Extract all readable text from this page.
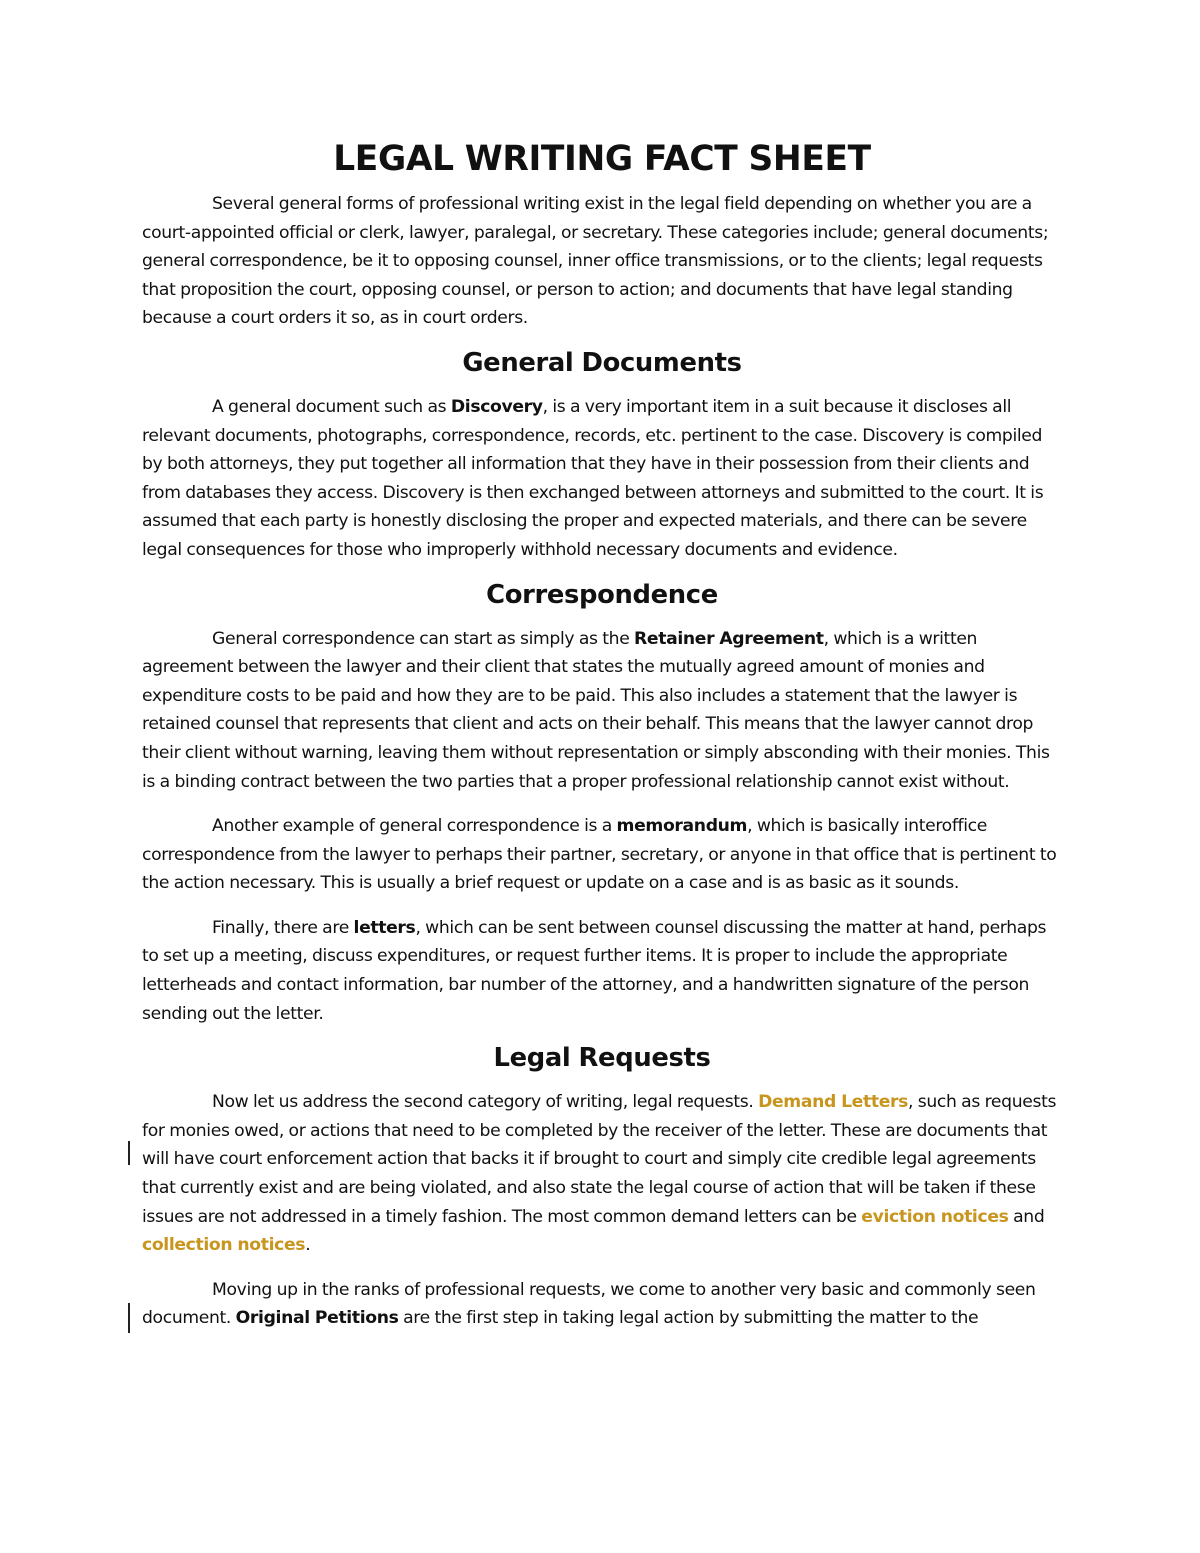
LEGAL WRITING FACT SHEET

Several general forms of professional writing exist in the legal field depending on whether you are a court-appointed official or clerk, lawyer, paralegal, or secretary. These categories include; general documents; general correspondence, be it to opposing counsel, inner office transmissions, or to the clients; legal requests that proposition the court, opposing counsel, or person to action; and documents that have legal standing because a court orders it so, as in court orders.

General Documents

A general document such as Discovery, is a very important item in a suit because it discloses all relevant documents, photographs, correspondence, records, etc. pertinent to the case. Discovery is compiled by both attorneys, they put together all information that they have in their possession from their clients and from databases they access. Discovery is then exchanged between attorneys and submitted to the court. It is assumed that each party is honestly disclosing the proper and expected materials, and there can be severe legal consequences for those who improperly withhold necessary documents and evidence.

Correspondence

General correspondence can start as simply as the Retainer Agreement, which is a written agreement between the lawyer and their client that states the mutually agreed amount of monies and expenditure costs to be paid and how they are to be paid. This also includes a statement that the lawyer is retained counsel that represents that client and acts on their behalf. This means that the lawyer cannot drop their client without warning, leaving them without representation or simply absconding with their monies. This is a binding contract between the two parties that a proper professional relationship cannot exist without.

Another example of general correspondence is a memorandum, which is basically interoffice correspondence from the lawyer to perhaps their partner, secretary, or anyone in that office that is pertinent to the action necessary. This is usually a brief request or update on a case and is as basic as it sounds.

Finally, there are letters, which can be sent between counsel discussing the matter at hand, perhaps to set up a meeting, discuss expenditures, or request further items. It is proper to include the appropriate letterheads and contact information, bar number of the attorney, and a handwritten signature of the person sending out the letter.

Legal Requests

Now let us address the second category of writing, legal requests. Demand Letters, such as requests for monies owed, or actions that need to be completed by the receiver of the letter. These are documents that will have court enforcement action that backs it if brought to court and simply cite credible legal agreements that currently exist and are being violated, and also state the legal course of action that will be taken if these issues are not addressed in a timely fashion. The most common demand letters can be eviction notices and collection notices.

Moving up in the ranks of professional requests, we come to another very basic and commonly seen document. Original Petitions are the first step in taking legal action by submitting the matter to the
